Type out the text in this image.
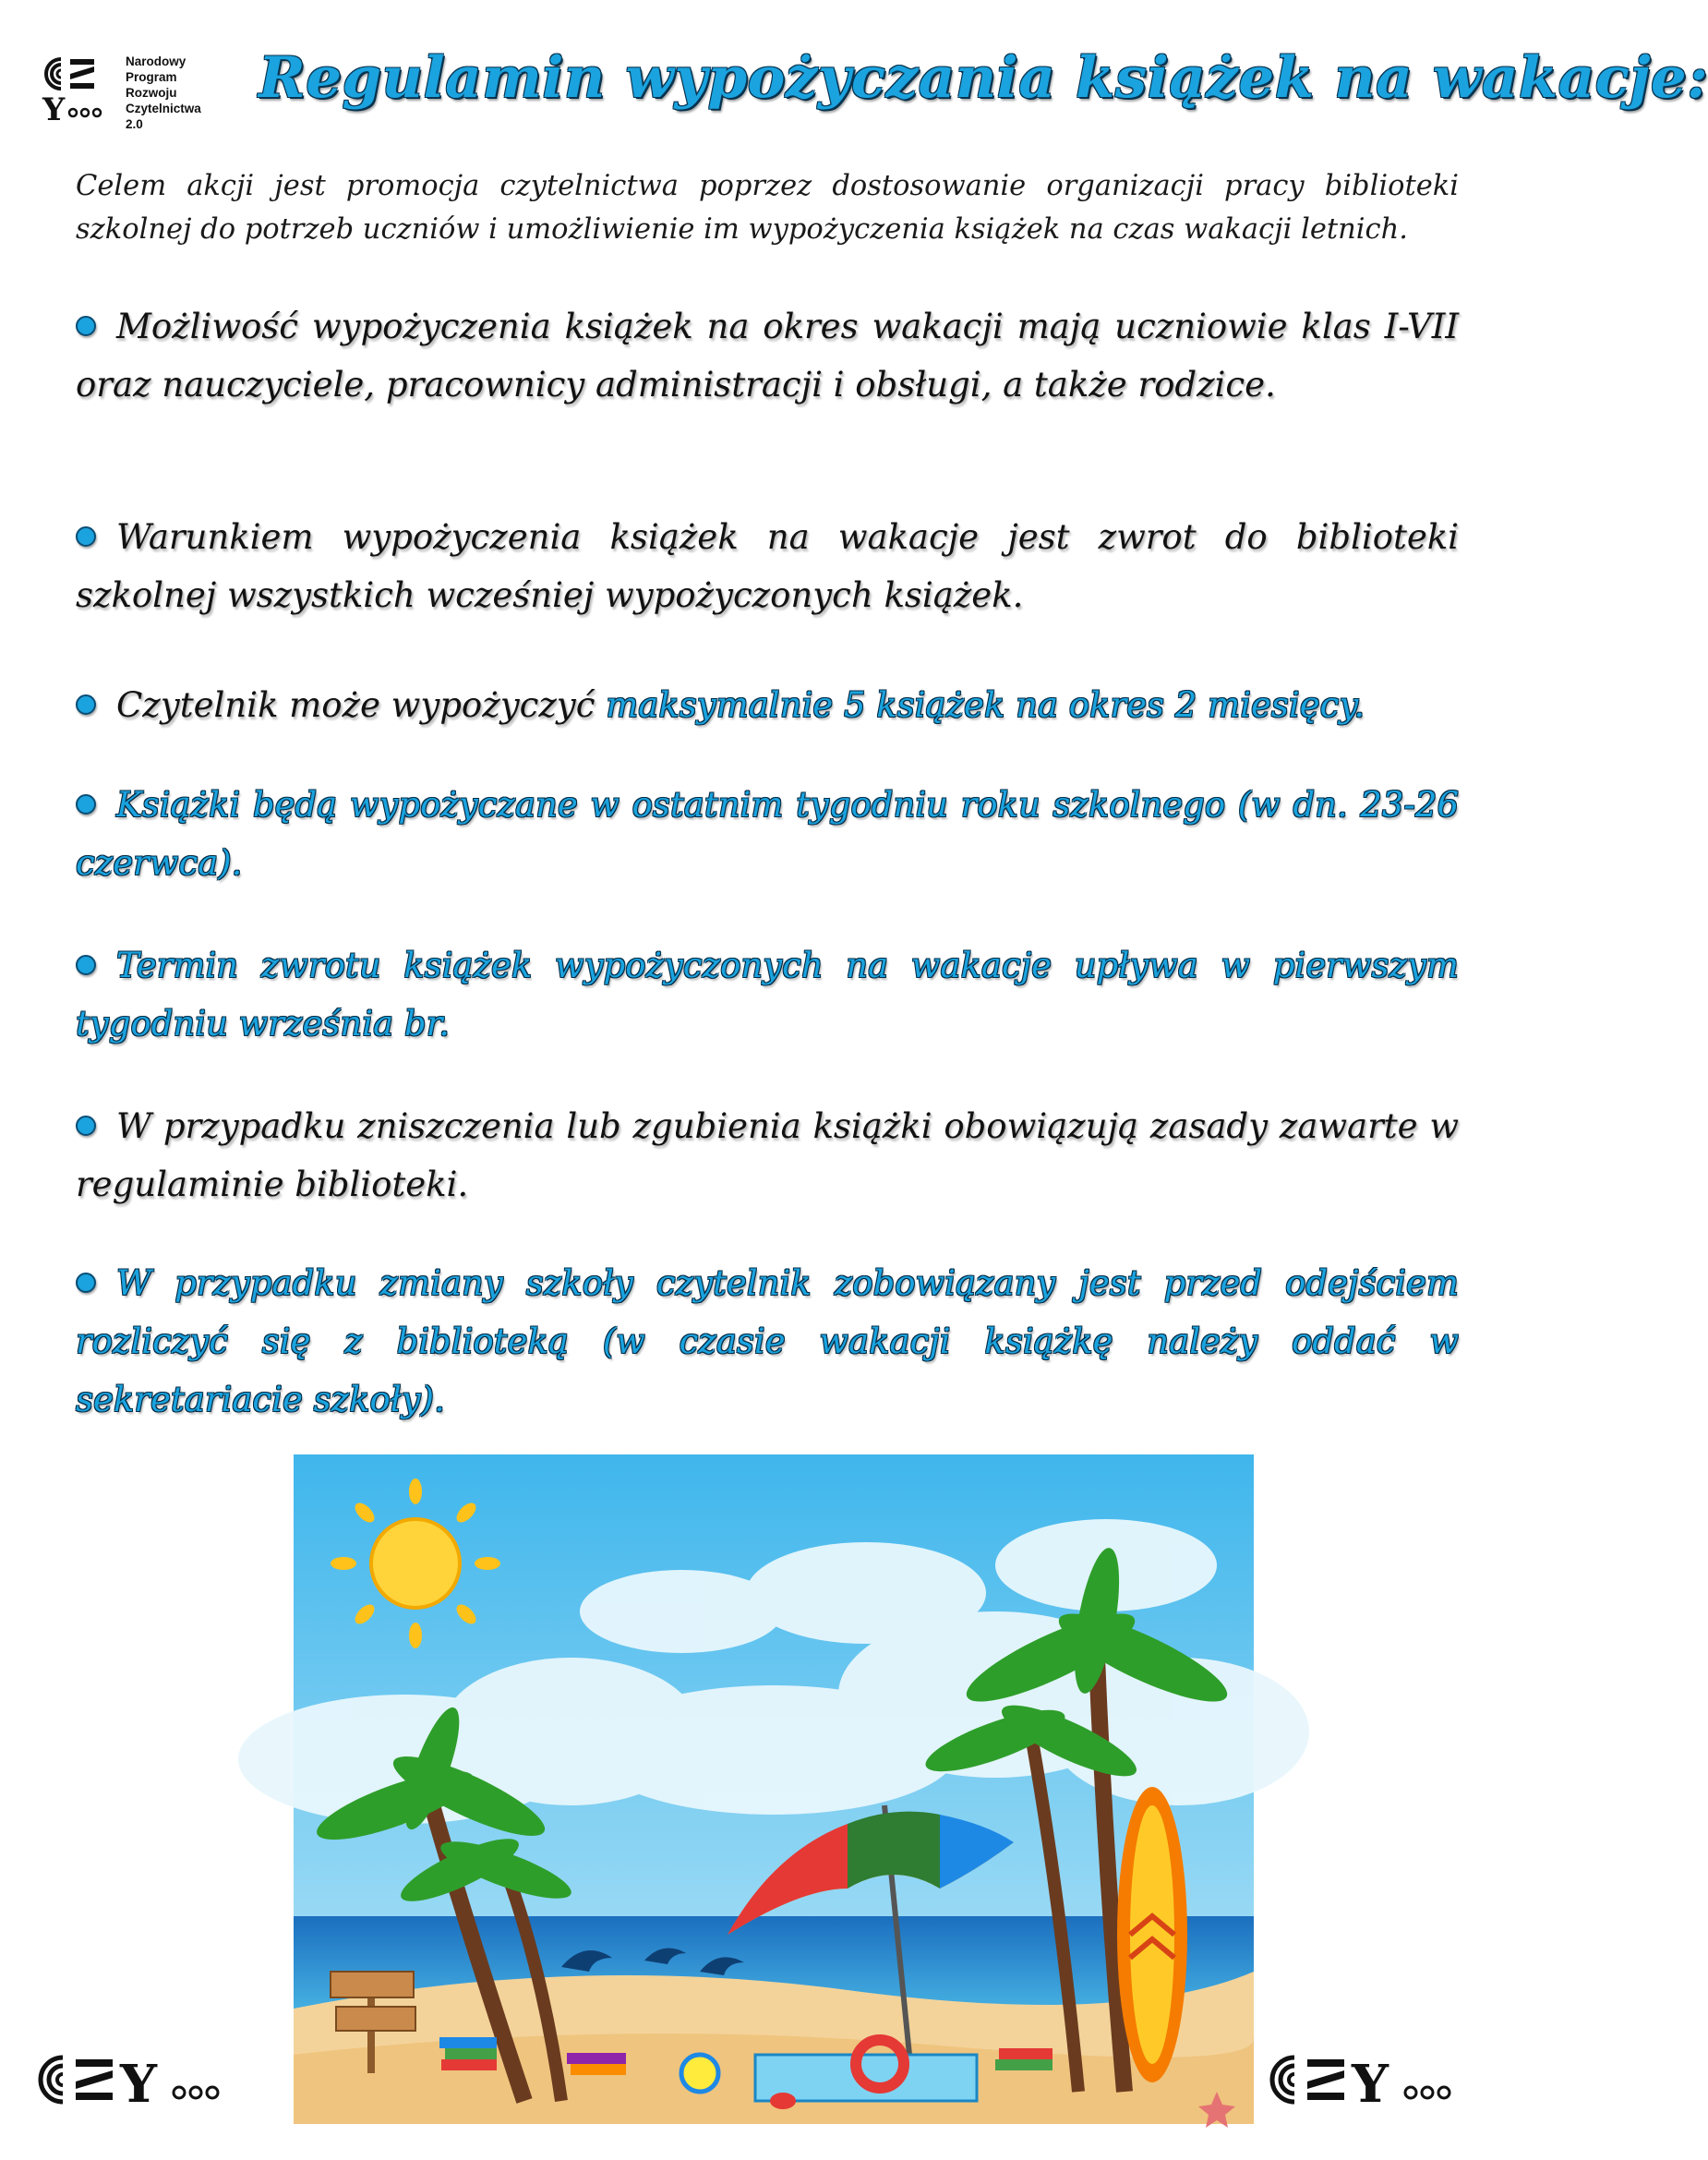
Y
Narodowy
Program
Rozwoju
Czytelnictwa
2.0
Regulamin wypożyczania książek na wakacje:

Celem akcji jest promocja czytelnictwa poprzez dostosowanie organizacji pracy biblioteki szkolnej do potrzeb uczniów i umożliwienie im wypożyczenia książek na czas wakacji letnich.

Możliwość wypożyczenia książek na okres wakacji mają uczniowie klas I-VII oraz nauczyciele, pracownicy administracji i obsługi, a także rodzice.

Warunkiem wypożyczenia książek na wakacje jest zwrot do biblioteki szkolnej wszystkich wcześniej wypożyczonych książek.

Czytelnik może wypożyczyć maksymalnie 5 książek na okres 2 miesięcy.

Książki będą wypożyczane w ostatnim tygodniu roku szkolnego (w dn. 23-26 czerwca).

Termin zwrotu książek wypożyczonych na wakacje upływa w pierwszym tygodniu września br.

W przypadku zniszczenia lub zgubienia książki obowiązują zasady zawarte w regulaminie biblioteki.

W przypadku zmiany szkoły czytelnik zobowiązany jest przed odejściem rozliczyć się z biblioteką (w czasie wakacji książkę należy oddać w sekretariacie szkoły).

Y	Y
